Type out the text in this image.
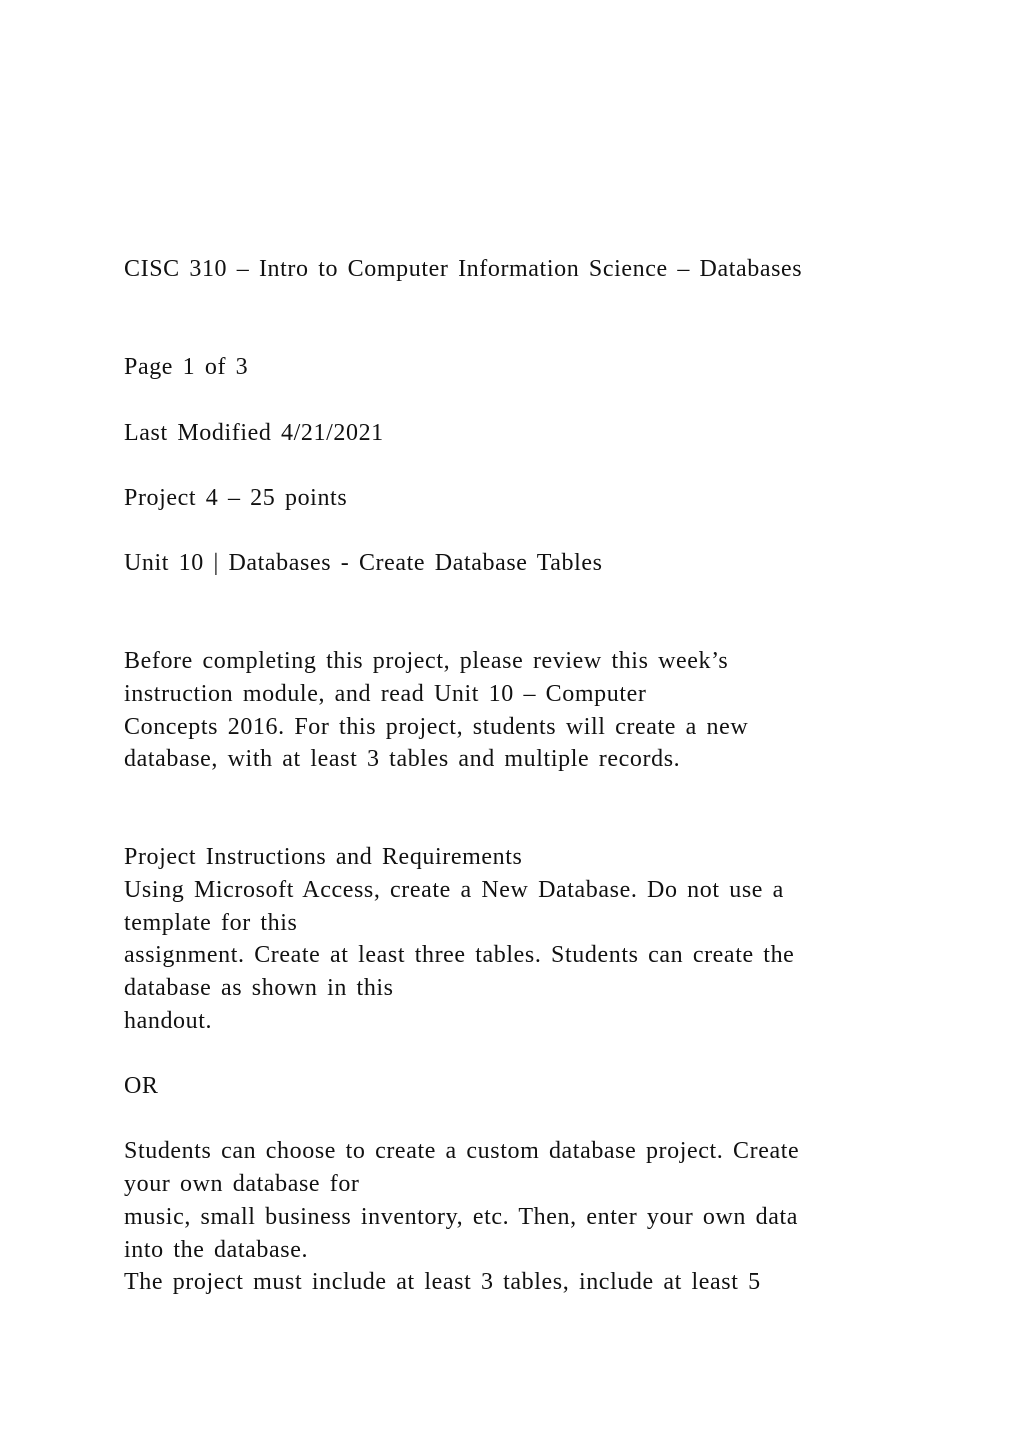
CISC 310 – Intro to Computer Information Science – Databases
Page 1 of 3
Last Modified 4/21/2021
Project 4 – 25 points
Unit 10 | Databases - Create Database Tables
Before completing this project, please review this week’s
instruction module, and read Unit 10 – Computer
Concepts 2016. For this project, students will create a new
database, with at least 3 tables and multiple records.
Project Instructions and Requirements
Using Microsoft Access, create a New Database. Do not use a
template for this
assignment. Create at least three tables. Students can create the
database as shown in this
handout.
OR
Students can choose to create a custom database project. Create
your own database for
music, small business inventory, etc. Then, enter your own data
into the database.
The project must include at least 3 tables, include at least 5
